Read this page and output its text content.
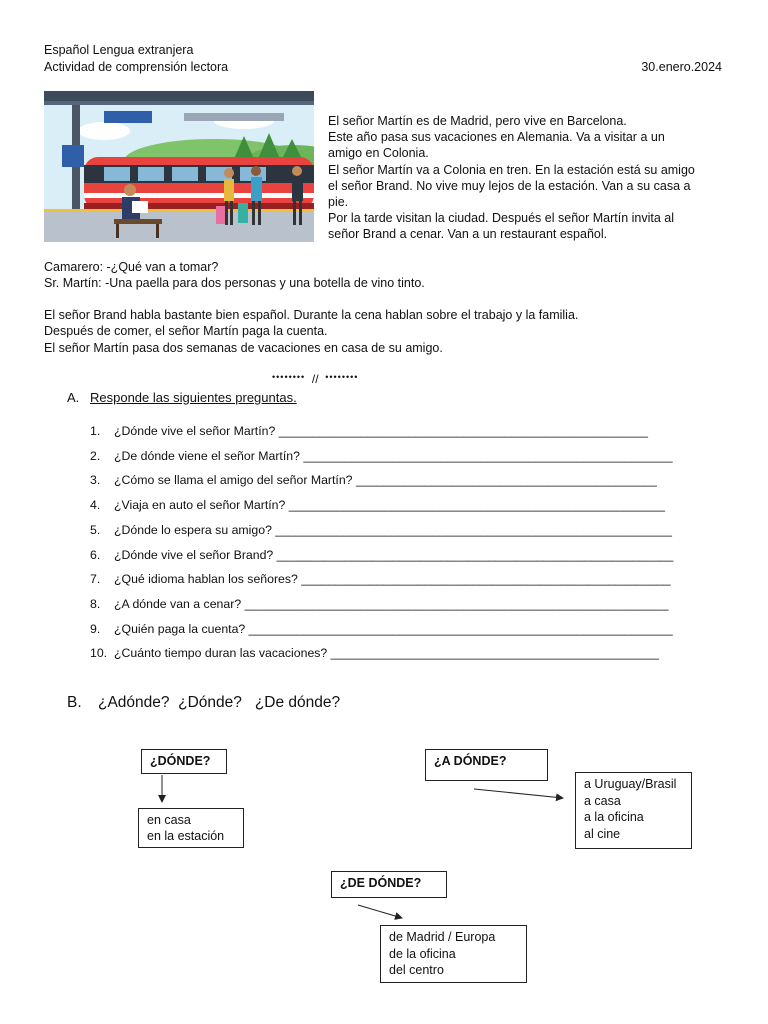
Español Lengua extranjera
Actividad de comprensión lectora	30.enero.2024

El señor Martín es de Madrid, pero vive en Barcelona.

Este año pasa sus vacaciones en Alemania. Va a visitar a un

amigo en Colonia.

El señor Martín va a Colonia en tren. En la estación está su amigo

el señor Brand. No vive muy lejos de la estación. Van a su casa a

pie.

Por la tarde visitan la ciudad. Después el señor Martín invita al

señor Brand a cenar. Van a un restaurant español.

Camarero: -¿Qué van a tomar?
Sr. Martín: -Una paella para dos personas y una botella de vino tinto.
El señor Brand habla bastante bien español. Durante la cena hablan sobre el trabajo y la familia.
Después de comer, el señor Martín paga la cuenta.
El señor Martín pasa dos semanas de vacaciones en casa de su amigo.
••••••••  //  ••••••••
A. Responde las siguientes preguntas.
1.	¿Dónde vive el señor Martín? ______________________________________________________
2.	¿De dónde viene el señor Martín? ______________________________________________________
3.	¿Cómo se llama el amigo del señor Martín? ____________________________________________
4.	¿Viaja en auto el señor Martín? _______________________________________________________
5.	¿Dónde lo espera su amigo? __________________________________________________________
6.	¿Dónde vive el señor Brand? __________________________________________________________
7.	¿Qué idioma hablan los señores? ______________________________________________________
8.	¿A dónde van a cenar? ______________________________________________________________
9.	¿Quién paga la cuenta? ______________________________________________________________
10. ¿Cuánto tiempo duran las vacaciones? ________________________________________________
B. ¿Adónde?  ¿Dónde?   ¿De dónde?
¿DÓNDE?
en casa
en la estación
¿A DÓNDE?
a Uruguay/Brasil
a casa
a la oficina
al cine
¿DE DÓNDE?
de Madrid / Europa
de la oficina
del centro
